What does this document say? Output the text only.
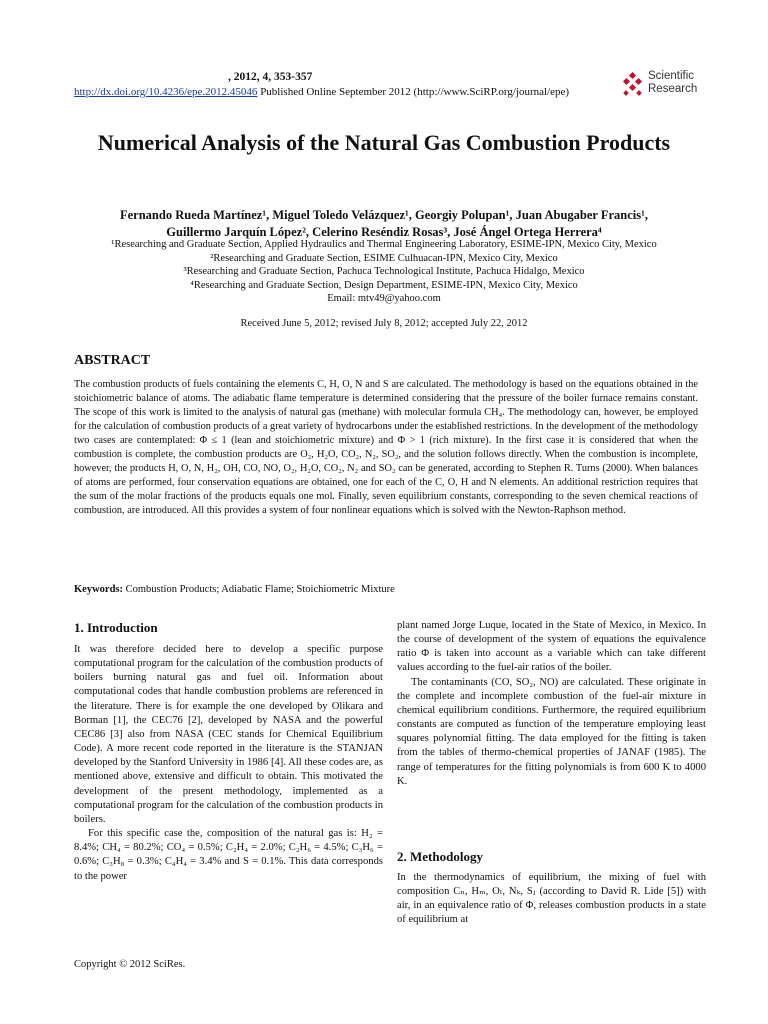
, 2012, 4, 353-357
http://dx.doi.org/10.4236/epe.2012.45046 Published Online September 2012 (http://www.SciRP.org/journal/epe)
Scientific
Research
Numerical Analysis of the Natural Gas Combustion Products
Fernando Rueda Martínez¹, Miguel Toledo Velázquez¹, Georgiy Polupan¹, Juan Abugaber Francis¹,
Guillermo Jarquín López², Celerino Reséndiz Rosas³, José Ángel Ortega Herrera⁴
¹Researching and Graduate Section, Applied Hydraulics and Thermal Engineering Laboratory, ESIME-IPN, Mexico City, Mexico
²Researching and Graduate Section, ESIME Culhuacan-IPN, Mexico City, Mexico
³Researching and Graduate Section, Pachuca Technological Institute, Pachuca Hidalgo, Mexico
⁴Researching and Graduate Section, Design Department, ESIME-IPN, Mexico City, Mexico
Email: mtv49@yahoo.com
Received June 5, 2012; revised July 8, 2012; accepted July 22, 2012
ABSTRACT
The combustion products of fuels containing the elements C, H, O, N and S are calculated. The methodology is based on the equations obtained in the stoichiometric balance of atoms. The adiabatic flame temperature is determined considering that the pressure of the boiler furnace remains constant. The scope of this work is limited to the analysis of natural gas (methane) with molecular formula CH₄. The methodology can, however, be employed for the calculation of combustion products of a great variety of hydrocarbons under the established restrictions. In the development of the methodology two cases are contemplated: Φ ≤ 1 (lean and stoichiometric mixture) and Φ > 1 (rich mixture). In the first case it is considered that when the combustion is complete, the combustion products are O₂, H₂O, CO₂, N₂, SO₂, and the solution follows directly. When the combustion is incomplete, however, the products H, O, N, H₂, OH, CO, NO, O₂, H₂O, CO₂, N₂ and SO₂ can be generated, according to Stephen R. Turns (2000). When balances of atoms are performed, four conservation equations are obtained, one for each of the C, O, H and N elements. An additional restriction requires that the sum of the molar fractions of the products equals one mol. Finally, seven equilibrium constants, corresponding to the seven chemical reactions of combustion, are introduced. All this provides a system of four nonlinear equations which is solved with the Newton-Raphson method.
Keywords: Combustion Products; Adiabatic Flame; Stoichiometric Mixture
1. Introduction

It was therefore decided here to develop a specific purpose computational program for the calculation of the combustion products of boilers burning natural gas and fuel oil. Information about computational codes that handle combustion problems are referenced in the literature. There is for example the one developed by Olikara and Borman [1], the CEC76 [2], developed by NASA and the powerful CEC86 [3] also from NASA (CEC stands for Chemical Equilibrium Code). A more recent code reported in the literature is the STANJAN developed by the Stanford University in 1986 [4]. All these codes are, as mentioned above, extensive and difficult to obtain. This motivated the development of the present methodology, implemented as a computational program for the calculation of the combustion products in boilers.

For this specific case the, composition of the natural gas is: H₂ = 8.4%; CH₄ = 80.2%; CO₄ = 0.5%; C₂H₄ = 2.0%; C₂H₆ = 4.5%; C₃H₆ = 0.6%; C₃H₈ = 0.3%; C₄H₄ = 3.4% and S = 0.1%. This data corresponds to the power

plant named Jorge Luque, located in the State of Mexico, in Mexico. In the course of development of the system of equations the equivalence ratio Φ is taken into account as a variable which can take different values according to the fuel-air ratios of the boiler.

The contaminants (CO, SO₂, NO) are calculated. These originate in the complete and incomplete combustion of the fuel-air mixture in chemical equilibrium conditions. Furthermore, the required equilibrium constants are computed as function of the temperature employing least squares polynomial fitting. The data employed for the fitting is taken from the tables of thermo-chemical properties of JANAF (1985). The range of temperatures for the fitting polynomials is from 600 K to 4000 K.

2. Methodology

In the thermodynamics of equilibrium, the mixing of fuel with composition Cₙ, Hₘ, Oₗ, Nₖ, Sⱼ (according to David R. Lide [5]) with air, in an equivalence ratio of Φ, releases combustion products in a state of equilibrium at

Copyright © 2012 SciRes.
